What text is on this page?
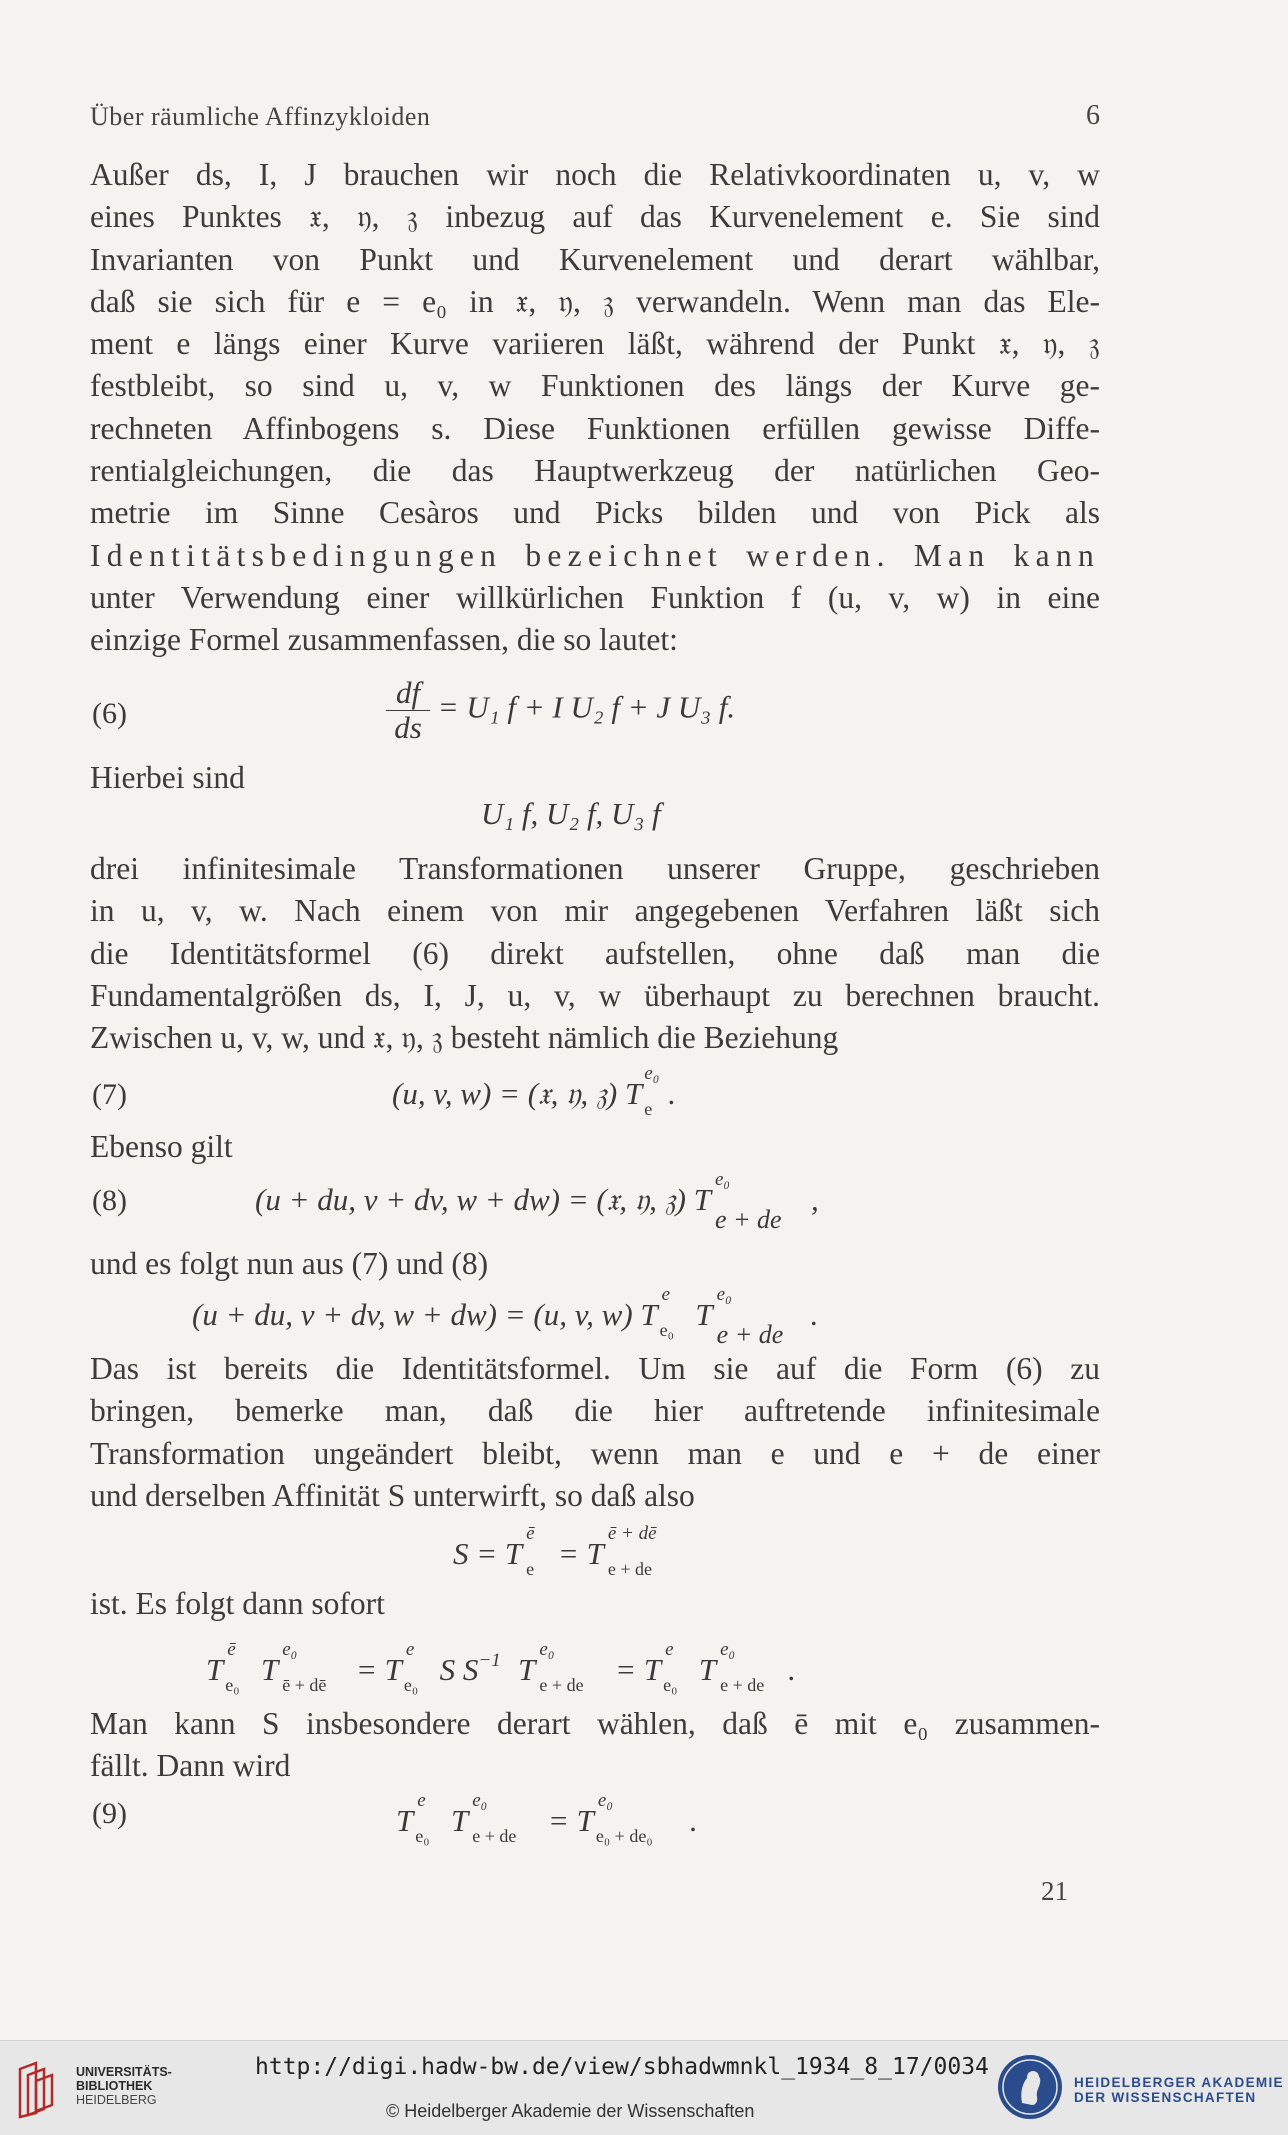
Über räumliche Affinzykloiden	6
Außer ds, I, J brauchen wir noch die Relativkoordinaten u, v, w
eines Punktes 𝔵, 𝔶, 𝔷 inbezug auf das Kurvenelement e. Sie sind
Invarianten von Punkt und Kurvenelement und derart wählbar,
daß sie sich für e = e₀ in 𝔵, 𝔶, 𝔷 verwandeln. Wenn man das Ele-
ment e längs einer Kurve variieren läßt, während der Punkt 𝔵, 𝔶, 𝔷
festbleibt, so sind u, v, w Funktionen des längs der Kurve ge-
rechneten Affinbogens s. Diese Funktionen erfüllen gewisse Diffe-
rentialgleichungen, die das Hauptwerkzeug der natürlichen Geo-
metrie im Sinne Cesàros und Picks bilden und von Pick als
Identitätsbedingungen bezeichnet werden. Man kann
unter Verwendung einer willkürlichen Funktion f (u, v, w) in eine
einzige Formel zusammenfassen, die so lautet:
(6)	$\frac{df}{ds} = U_1$ f + I U₂ f + J U₃ f.
Hierbei sind
U₁ f, U₂ f, U₃ f
drei infinitesimale Transformationen unserer Gruppe, geschrieben
in u, v, w. Nach einem von mir angegebenen Verfahren läßt sich
die Identitätsformel (6) direkt aufstellen, ohne daß man die
Fundamentalgrößen ds, I, J, u, v, w überhaupt zu berechnen braucht.
Zwischen u, v, w, und 𝔵, 𝔶, 𝔷 besteht nämlich die Beziehung
(7)	(u, v, w) = (𝔵, 𝔶, 𝔷) T
e₀
e .
Ebenso gilt
(8)	(u + du, v + dv, w + dw) = (𝔵, 𝔶, 𝔷) T
e₀
e + de
,
und es folgt nun aus (7) und (8)
(u + du, v + dv, w + dw) = (u, v, w) T
e
e₀ T
e₀
e + de
.
Das ist bereits die Identitätsformel. Um sie auf die Form (6) zu
bringen, bemerke man, daß die hier auftretende infinitesimale
Transformation ungeändert bleibt, wenn man e und e + de einer
und derselben Affinität S unterwirft, so daß also
S = T
ē
e = T
ē + dē
e + de
ist. Es folgt dann sofort
T
ē
e₀ T
e₀
ē + dē = T
e
e₀ S S−1 T
e₀
e + de = T
e
e₀ T
e₀
e + de .
Man kann S insbesondere derart wählen, daß ē mit e₀ zusammen-
fällt. Dann wird
(9)	T
e
e₀ T
e₀
e + de = T
e₀
e₀ + de₀ .
21
UNIVERSITÄTS-
BIBLIOTHEK
HEIDELBERG
http://digi.hadw-bw.de/view/sbhadwmnkl_1934_8_17/0034
© Heidelberger Akademie der Wissenschaften
HEIDELBERGER AKADEMIE
DER WISSENSCHAFTEN
